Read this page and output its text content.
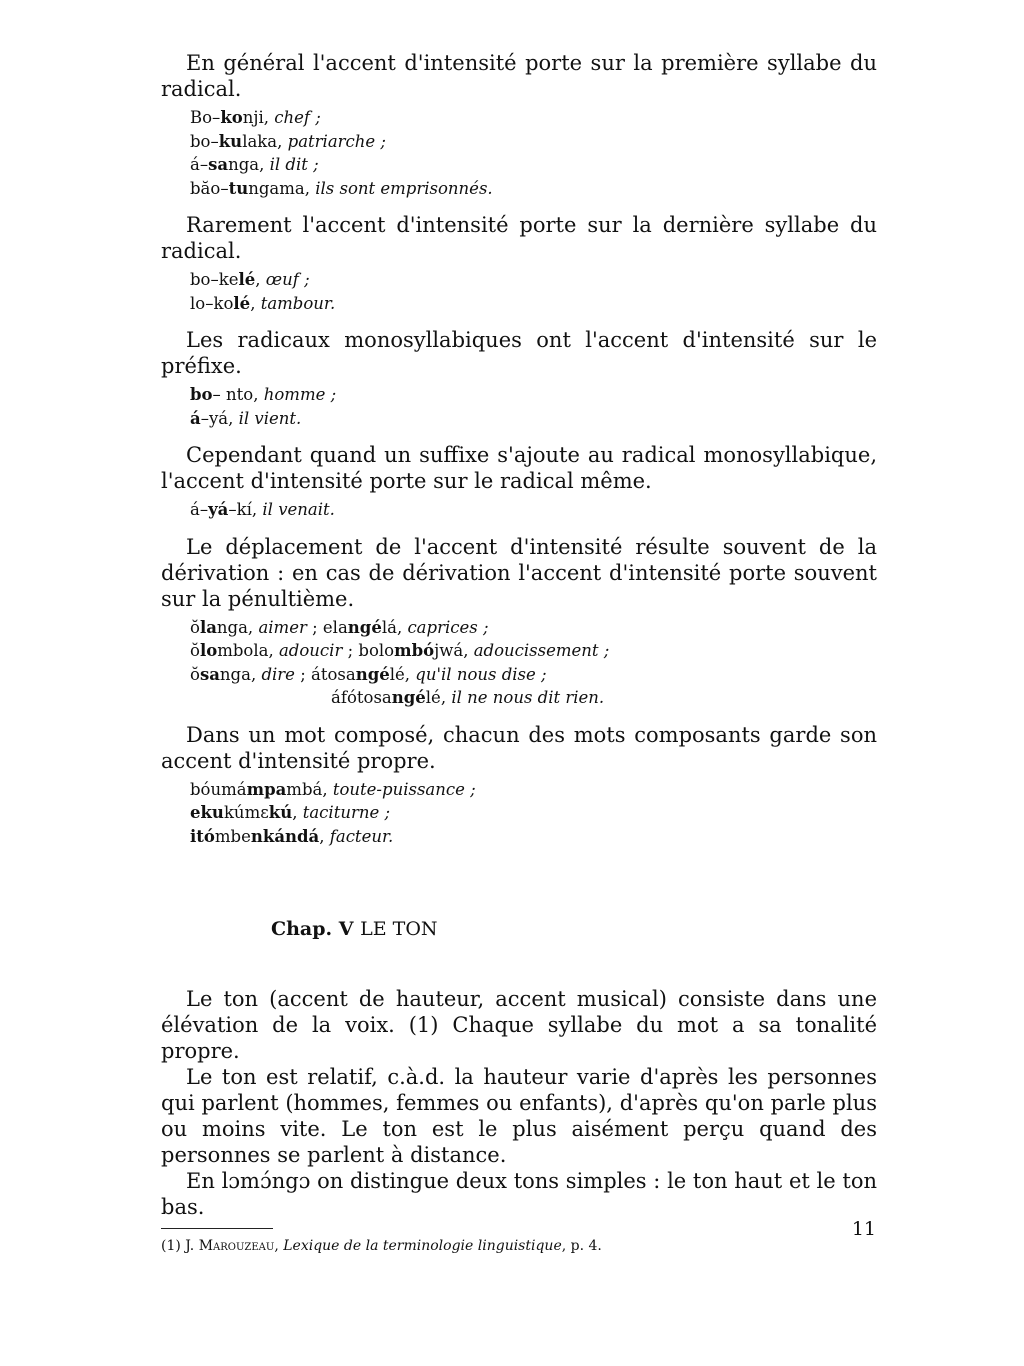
En général l'accent d'intensité porte sur la première syllabe du radical.

Bo–konji, chef ;
bo–kulaka, patriarche ;
á–sanga, il dit ;
băo–tungama, ils sont emprisonnés.

Rarement l'accent d'intensité porte sur la dernière syllabe du radical.

bo–kelé, œuf ;
lo–kolé, tambour.

Les radicaux monosyllabiques ont l'accent d'intensité sur le préfixe.

bo– nto, homme ;
á–yá, il vient.

Cependant quand un suffixe s'ajoute au radical monosyllabique, l'accent d'intensité porte sur le radical même.

á–yá–kí, il venait.

Le déplacement de l'accent d'intensité résulte souvent de la dérivation : en cas de dérivation l'accent d'intensité porte souvent sur la pénultième.

ŏlanga, aimer ; elangélá, caprices ;
ŏlombola, adoucir ; bolombójwá, adoucissement ;
ŏsanga, dire ; átosangélé, qu'il nous dise ;
áfótosangélé, il ne nous dit rien.

Dans un mot composé, chacun des mots composants garde son accent d'intensité propre.

bóumámpambá, toute-puissance ;
ekukúmɛkú, taciturne ;
itómbenkándá, facteur.
Chap. V LE TON

Le ton (accent de hauteur, accent musical) consiste dans une élévation de la voix. (1) Chaque syllabe du mot a sa tonalité propre.

Le ton est relatif, c.à.d. la hauteur varie d'après les personnes qui parlent (hommes, femmes ou enfants), d'après qu'on parle plus ou moins vite. Le ton est le plus aisément perçu quand des personnes se parlent à distance.

En lɔmɔ́ngɔ on distingue deux tons simples : le ton haut et le ton bas.

(1) J. Marouzeau, Lexique de la terminologie linguistique, p. 4.
11
